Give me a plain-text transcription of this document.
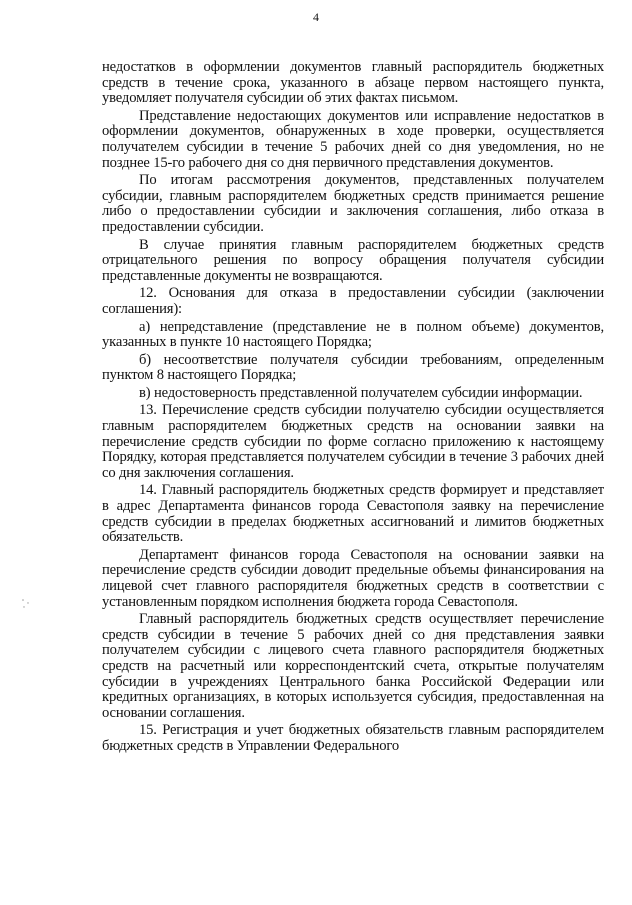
4

недостатков в оформлении документов главный распорядитель бюджетных средств в течение срока, указанного в абзаце первом настоящего пункта, уведомляет получателя субсидии об этих фактах письмом.

Представление недостающих документов или исправление недостатков в оформлении документов, обнаруженных в ходе проверки, осуществляется получателем субсидии в течение 5 рабочих дней со дня уведомления, но не позднее 15-го рабочего дня со дня первичного представления документов.

По итогам рассмотрения документов, представленных получателем субсидии, главным распорядителем бюджетных средств принимается решение либо о предоставлении субсидии и заключения соглашения, либо отказа в предоставлении субсидии.

В случае принятия главным распорядителем бюджетных средств отрицательного решения по вопросу обращения получателя субсидии представленные документы не возвращаются.

12. Основания для отказа в предоставлении субсидии (заключении соглашения):

а) непредставление (представление не в полном объеме) документов, указанных в пункте 10 настоящего Порядка;

б) несоответствие получателя субсидии требованиям, определенным пунктом 8 настоящего Порядка;

в) недостоверность представленной получателем субсидии информации.

13. Перечисление средств субсидии получателю субсидии осуществляется главным распорядителем бюджетных средств на основании заявки на перечисление средств субсидии по форме согласно приложению к настоящему Порядку, которая представляется получателем субсидии в течение 3 рабочих дней со дня заключения соглашения.

14. Главный распорядитель бюджетных средств формирует и представляет в адрес Департамента финансов города Севастополя заявку на перечисление средств субсидии в пределах бюджетных ассигнований и лимитов бюджетных обязательств.

Департамент финансов города Севастополя на основании заявки на перечисление средств субсидии доводит предельные объемы финансирования на лицевой счет главного распорядителя бюджетных средств в соответствии с установленным порядком исполнения бюджета города Севастополя.

Главный распорядитель бюджетных средств осуществляет перечисление средств субсидии в течение 5 рабочих дней со дня представления заявки получателем субсидии с лицевого счета главного распорядителя бюджетных средств на расчетный или корреспондентский счета, открытые получателям субсидии в учреждениях Центрального банка Российской Федерации или кредитных организациях, в которых используется субсидия, предоставленная на основании соглашения.

15. Регистрация и учет бюджетных обязательств главным распорядителем бюджетных средств в Управлении Федерального
